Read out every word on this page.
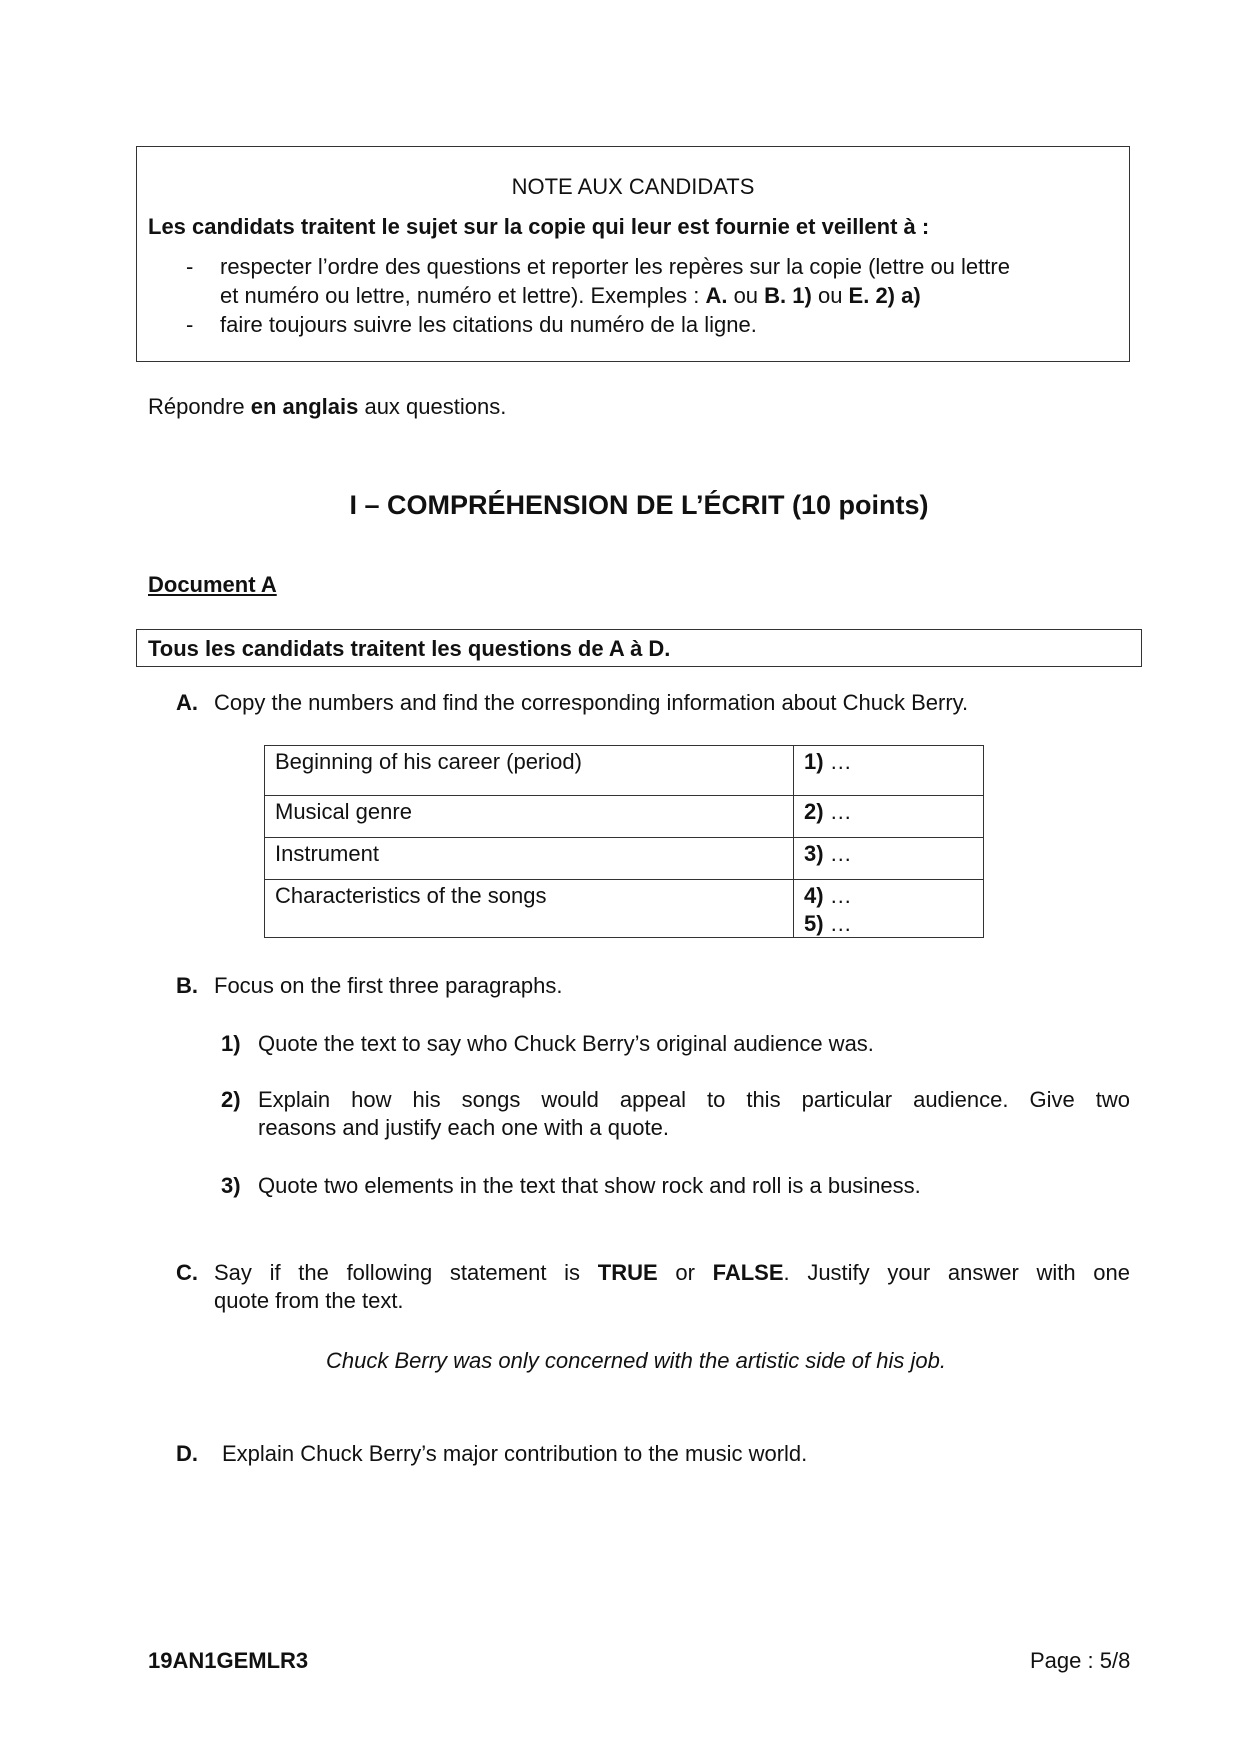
NOTE AUX CANDIDATS
Les candidats traitent le sujet sur la copie qui leur est fournie et veillent à :
- respecter l’ordre des questions et reporter les repères sur la copie (lettre ou lettre
et numéro ou lettre, numéro et lettre). Exemples : A. ou B. 1) ou E. 2) a)
- faire toujours suivre les citations du numéro de la ligne.
Répondre en anglais aux questions.
I – COMPRÉHENSION DE L’ÉCRIT (10 points)
Document A
Tous les candidats traitent les questions de A à D.
A. Copy the numbers and find the corresponding information about Chuck Berry.
Beginning of his career (period)	1) …
Musical genre	2) …
Instrument	3) …
Characteristics of the songs	4) …
5) …
B. Focus on the first three paragraphs.
1) Quote the text to say who Chuck Berry’s original audience was.
2) Explain how his songs would appeal to this particular audience. Give two
reasons and justify each one with a quote.
3) Quote two elements in the text that show rock and roll is a business.
C. Say if the following statement is TRUE or FALSE. Justify your answer with one
quote from the text.
Chuck Berry was only concerned with the artistic side of his job.
D. Explain Chuck Berry’s major contribution to the music world.
19AN1GEMLR3	Page : 5/8
